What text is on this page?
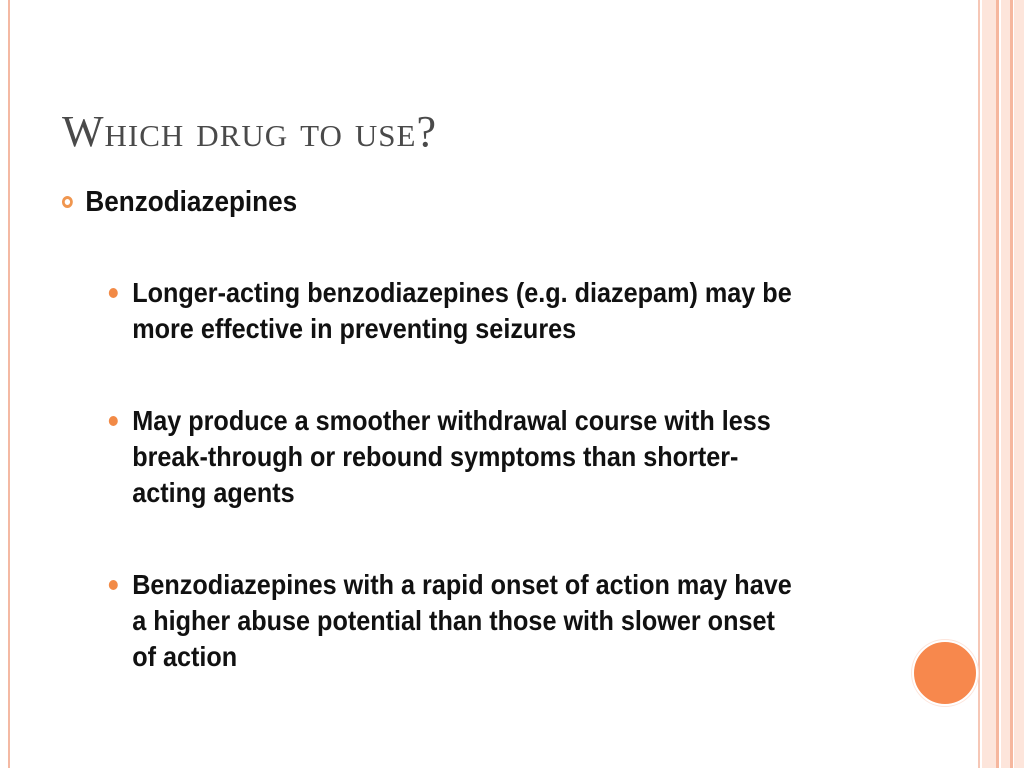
Which drug to use?
Benzodiazepines
Longer-acting benzodiazepines (e.g. diazepam) may be more effective in preventing seizures
May produce a smoother withdrawal course with less break-through or rebound symptoms than shorter-acting agents
Benzodiazepines with a rapid onset of action may have a higher abuse potential than those with slower onset of action
